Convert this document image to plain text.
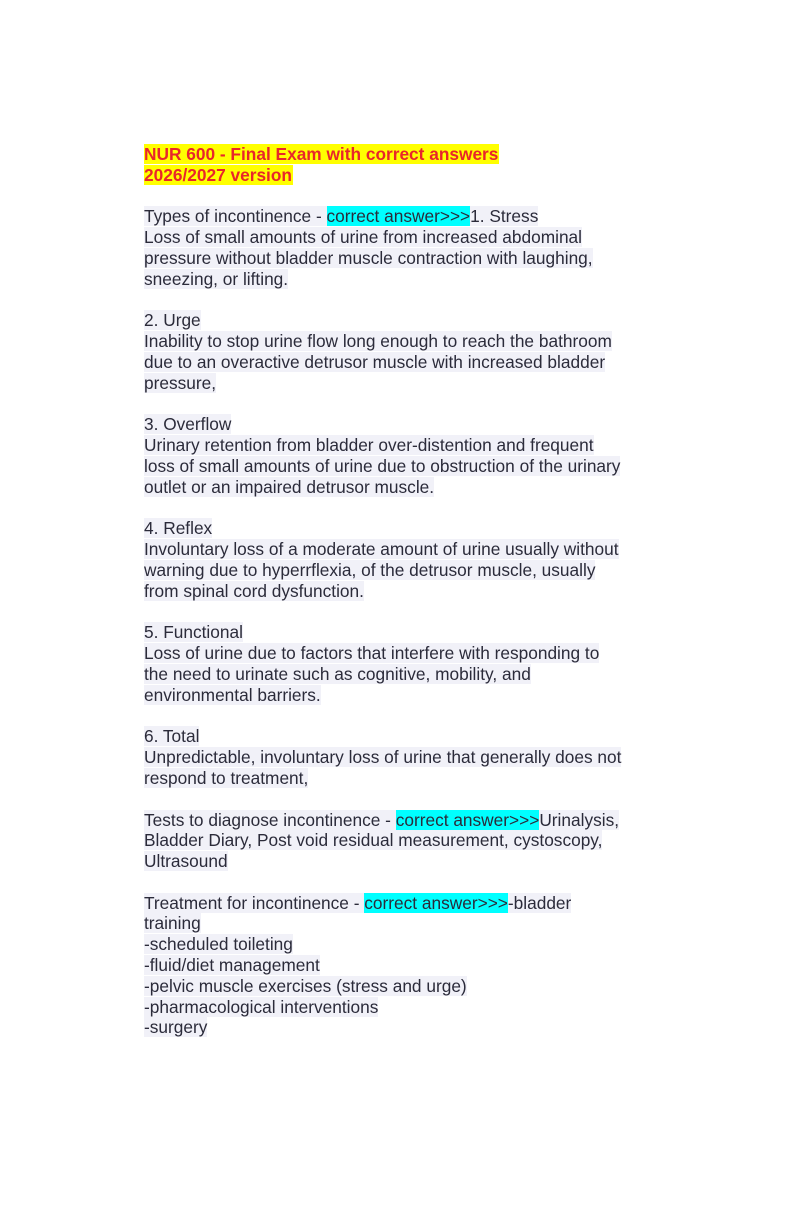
NUR 600 - Final Exam with correct answers
2026/2027 version
Types of incontinence - correct answer>>>1. Stress
Loss of small amounts of urine from increased abdominal
pressure without bladder muscle contraction with laughing,
sneezing, or lifting.
2. Urge
Inability to stop urine flow long enough to reach the bathroom
due to an overactive detrusor muscle with increased bladder
pressure,
3. Overflow
Urinary retention from bladder over-distention and frequent
loss of small amounts of urine due to obstruction of the urinary
outlet or an impaired detrusor muscle.
4. Reflex
Involuntary loss of a moderate amount of urine usually without
warning due to hyperrflexia, of the detrusor muscle, usually
from spinal cord dysfunction.
5. Functional
Loss of urine due to factors that interfere with responding to
the need to urinate such as cognitive, mobility, and
environmental barriers.
6. Total
Unpredictable, involuntary loss of urine that generally does not
respond to treatment,
Tests to diagnose incontinence - correct answer>>>Urinalysis,
Bladder Diary, Post void residual measurement, cystoscopy,
Ultrasound
Treatment for incontinence - correct answer>>>-bladder
training
-scheduled toileting
-fluid/diet management
-pelvic muscle exercises (stress and urge)
-pharmacological interventions
-surgery
